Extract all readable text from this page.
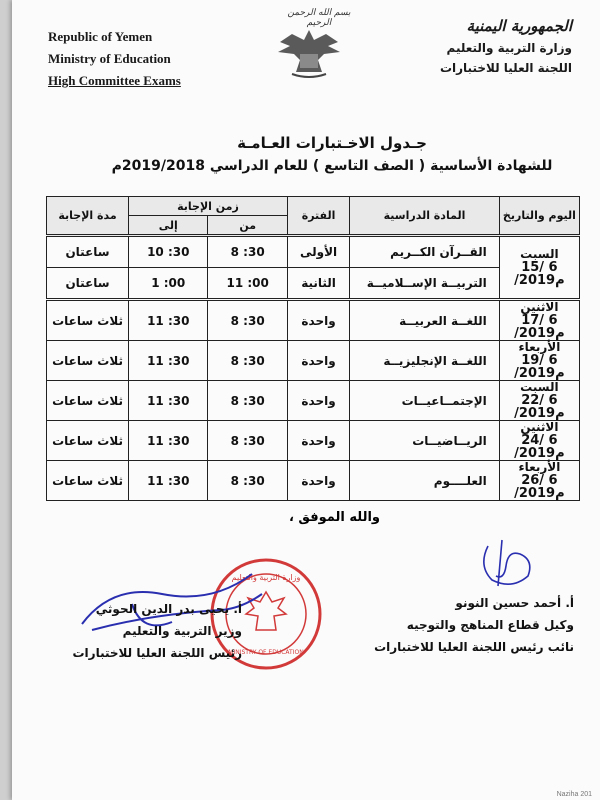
Republic of Yemen
Ministry of Education
High Committee Exams
بسم الله الرحمن الرحيم	الجمهورية اليمنية
وزارة التربية والتعليم
اللجنة العليا للاختبارات
جـدول الاخـتبارات العـامـة
للشهادة الأساسية ( الصف التاسع ) للعام الدراسي 2019/2018م
اليوم والتاريخ	المادة الدراسية	الفترة	زمن الإجابة		مدة الإجابة
			من	إلى	

السبت
15/ 6 /2019م	القــرآن الكــريم	الأولى	8 :30	10 :30	ساعتان
	التربيــة الإســلاميــة	الثانية	11 :00	1 :00	ساعتان

الاثنين
17/ 6 /2019م	اللغــة العربيــة	واحدة	8 :30	11 :30	ثلاث ساعات

الأربعاء
19/ 6 /2019م	اللغــة الإنجليزيــة	واحدة	8 :30	11 :30	ثلاث ساعات

السبت
22/ 6 /2019م	الإجتمــاعيــات	واحدة	8 :30	11 :30	ثلاث ساعات

الاثنين
24/ 6 /2019م	الريــاضيــات	واحدة	8 :30	11 :30	ثلاث ساعات

الأربعاء
26/ 6 /2019م	العلــــوم	واحدة	8 :30	11 :30	ثلاث ساعات
والله الموفق ،
أ. أحمد حسين النونو
وكيل قطاع المناهج والتوجيه
نائب رئيس اللجنة العليا للاختبارات
وزارة التربية والتعليم
MINISTRY OF EDUCATION
أ. يحيى بدر الدين الحوثي
وزير التربية والتعليم
رئيس اللجنة العليا للاختبارات
Naziha 201
